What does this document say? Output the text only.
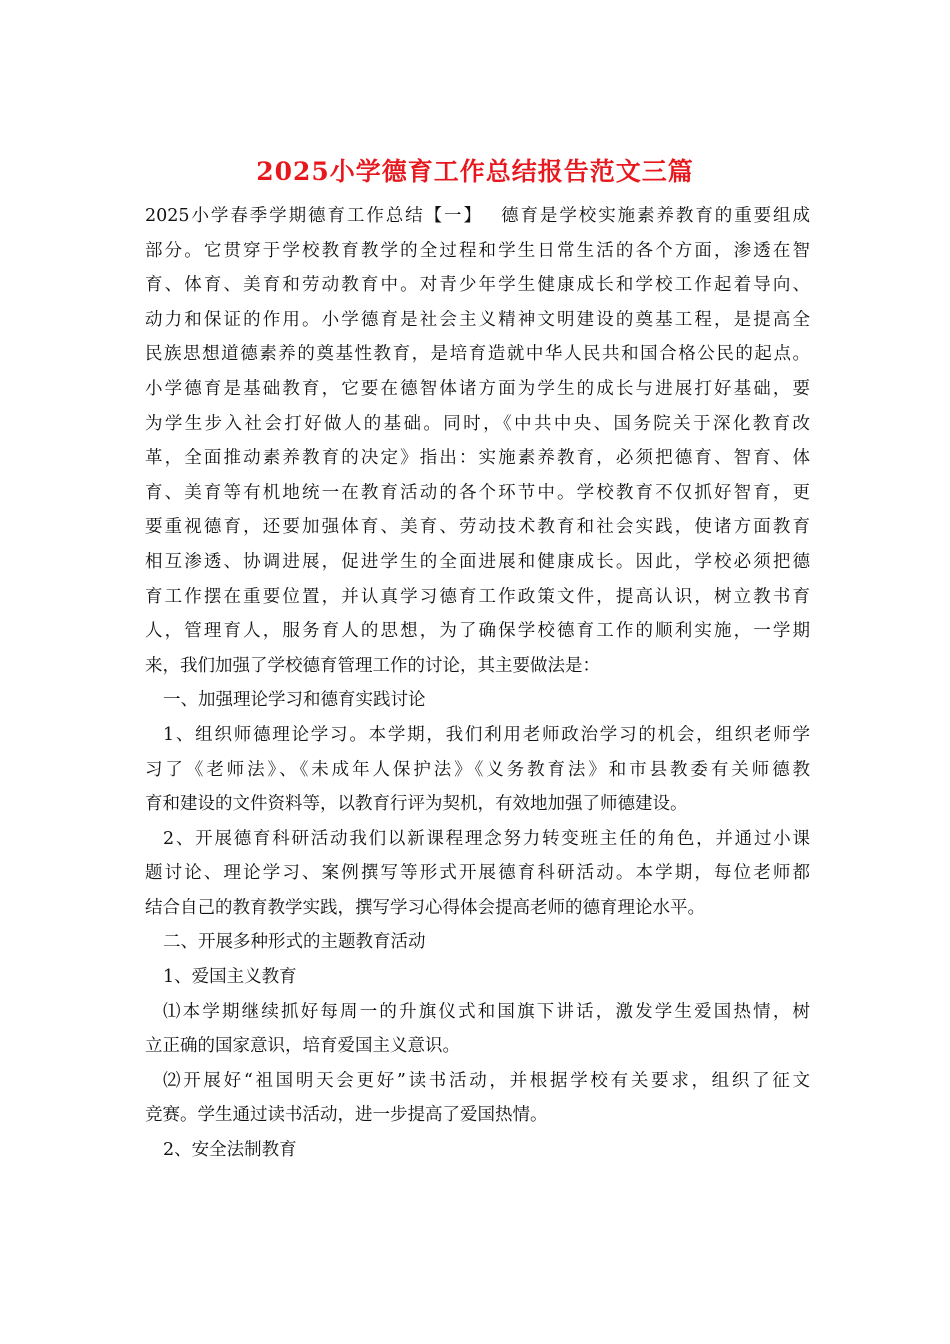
2025小学德育工作总结报告范文三篇
2025小学春季学期德育工作总结【一】　 德育是学校实施素养教育的重要组成
部分。它贯穿于学校教育教学的全过程和学生日常生活的各个方面，渗透在智
育、体育、美育和劳动教育中。对青少年学生健康成长和学校工作起着导向、
动力和保证的作用。小学德育是社会主义精神文明建设的奠基工程，是提高全
民族思想道德素养的奠基性教育，是培育造就中华人民共和国合格公民的起点。
小学德育是基础教育，它要在德智体诸方面为学生的成长与进展打好基础，要
为学生步入社会打好做人的基础。同时，《中共中央、国务院关于深化教育改
革，全面推动素养教育的决定》指出：实施素养教育，必须把德育、智育、体
育、美育等有机地统一在教育活动的各个环节中。学校教育不仅抓好智育，更
要重视德育，还要加强体育、美育、劳动技术教育和社会实践，使诸方面教育
相互渗透、协调进展，促进学生的全面进展和健康成长。因此，学校必须把德
育工作摆在重要位置，并认真学习德育工作政策文件，提高认识，树立教书育
人，管理育人，服务育人的思想，为了确保学校德育工作的顺利实施，一学期
来，我们加强了学校德育管理工作的讨论，其主要做法是：
一、加强理论学习和德育实践讨论
1、组织师德理论学习。本学期，我们利用老师政治学习的机会，组织老师学
习了《老师法》、《未成年人保护法》《义务教育法》和市县教委有关师德教
育和建设的文件资料等，以教育行评为契机，有效地加强了师德建设。
2、开展德育科研活动我们以新课程理念努力转变班主任的角色，并通过小课
题讨论、理论学习、案例撰写等形式开展德育科研活动。本学期，每位老师都
结合自己的教育教学实践，撰写学习心得体会提高老师的德育理论水平。
二、开展多种形式的主题教育活动
1、爱国主义教育
⑴本学期继续抓好每周一的升旗仪式和国旗下讲话，激发学生爱国热情，树
立正确的国家意识，培育爱国主义意识。
⑵开展好“祖国明天会更好”读书活动，并根据学校有关要求，组织了征文
竞赛。学生通过读书活动，进一步提高了爱国热情。
2、安全法制教育
